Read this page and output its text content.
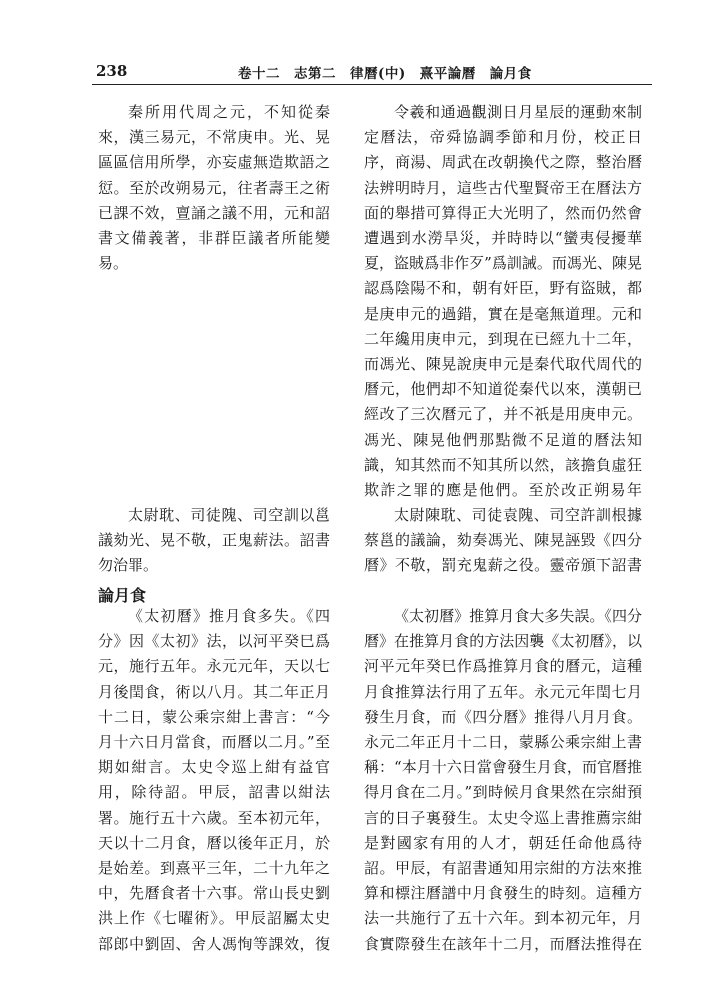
238	卷十二　志第二　律曆(中)　熹平論曆　論月食

秦所用代周之元，不知從秦來，漢三易元，不常庚申。光、晃區區信用所學，亦妄虛無造欺語之愆。至於改朔易元，往者壽王之術已課不效，亶誦之議不用，元和詔書文備義著，非群臣議者所能變易。

令羲和通過觀測日月星辰的運動來制定曆法，帝舜協調季節和月份，校正日序，商湯、周武在改朝換代之際，整治曆法辨明時月，這些古代聖賢帝王在曆法方面的舉措可算得正大光明了，然而仍然會遭遇到水澇旱災，并時時以“蠻夷侵擾華夏，盜賊爲非作歹”爲訓誡。而馮光、陳晃認爲陰陽不和，朝有奸臣，野有盜賊，都是庚申元的過錯，實在是毫無道理。元和二年纔用庚申元，到現在已經九十二年，而馮光、陳晃說庚申元是秦代取代周代的曆元，他們却不知道從秦代以來，漢朝已經改了三次曆元了，并不祇是用庚申元。馮光、陳晃他們那點微不足道的曆法知識，知其然而不知其所以然，該擔負虛狂欺詐之罪的應是他們。至於改正朔易年

太尉耽、司徒隗、司空訓以邕議劾光、晃不敬，正鬼薪法。詔書勿治罪。

太尉陳耽、司徒袁隗、司空許訓根據蔡邕的議論，劾奏馮光、陳晃誣毀《四分曆》不敬，罰充鬼薪之役。靈帝頒下詔書

論月食

《太初曆》推月食多失。《四分》因《太初》法，以河平癸巳爲元，施行五年。永元元年，天以七月後閏食，術以八月。其二年正月十二日，蒙公乘宗紺上書言：“今月十六日月當食，而曆以二月。”至期如紺言。太史令巡上紺有益官用，除待詔。甲辰，詔書以紺法署。施行五十六歲。至本初元年，天以十二月食，曆以後年正月，於是始差。到熹平三年，二十九年之中，先曆食者十六事。常山長史劉洪上作《七曜術》。甲辰詔屬太史部郎中劉固、舍人馮恂等課效，復

《太初曆》推算月食大多失誤。《四分曆》在推算月食的方法因襲《太初曆》，以河平元年癸巳作爲推算月食的曆元，這種月食推算法行用了五年。永元元年閏七月發生月食，而《四分曆》推得八月月食。永元二年正月十二日，蒙縣公乘宗紺上書稱：“本月十六日當會發生月食，而官曆推得月食在二月。”到時候月食果然在宗紺預言的日子裏發生。太史令巡上書推薦宗紺是對國家有用的人才，朝廷任命他爲待詔。甲辰，有詔書通知用宗紺的方法來推算和標注曆譜中月食發生的時刻。這種方法一共施行了五十六年。到本初元年，月食實際發生在該年十二月，而曆法推得在
